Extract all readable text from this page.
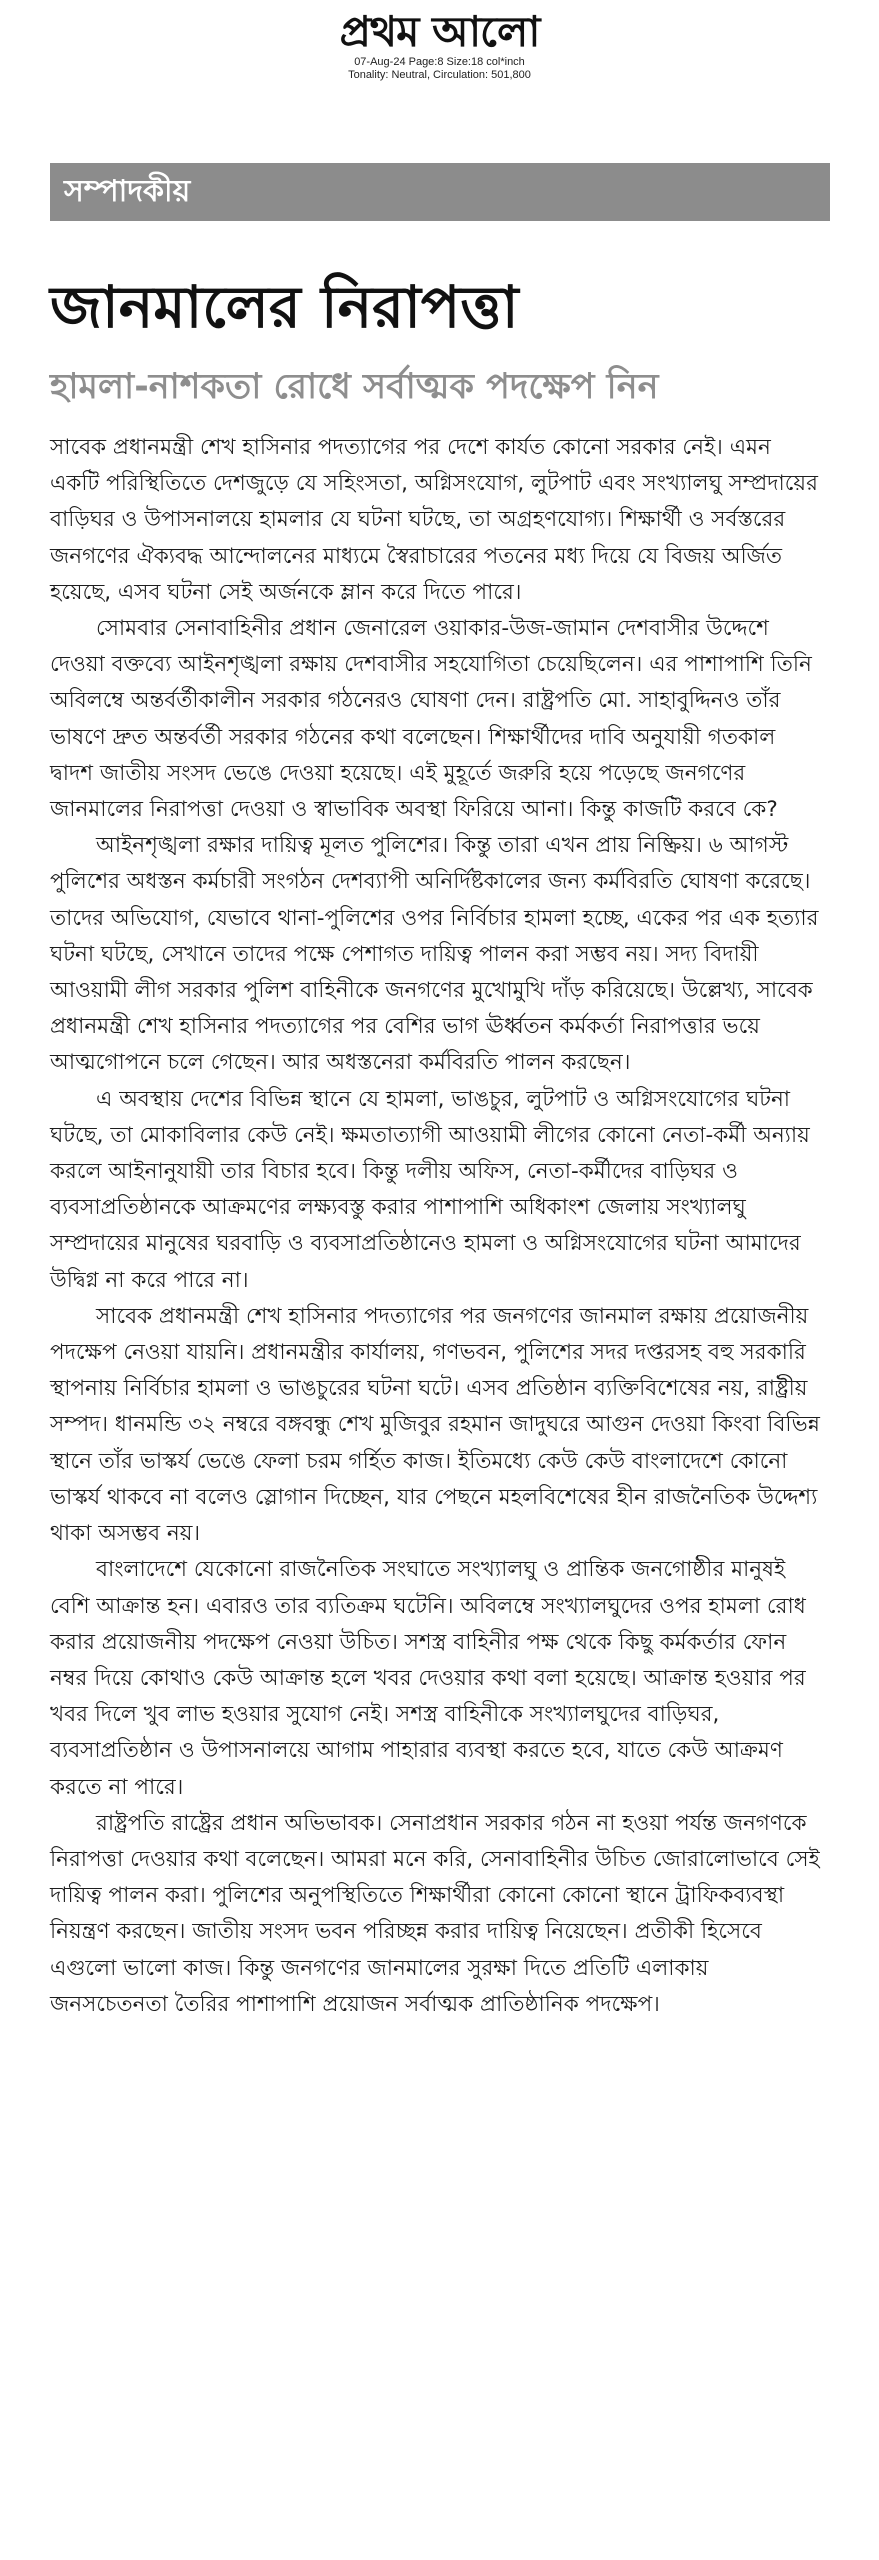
প্রথম আলো
07-Aug-24 Page:8 Size:18 col*inch
Tonality: Neutral, Circulation: 501,800
সম্পাদকীয়
জানমালের নিরাপত্তা
হামলা-নাশকতা রোধে সর্বাত্মক পদক্ষেপ নিন

সাবেক প্রধানমন্ত্রী শেখ হাসিনার পদত্যাগের পর দেশে কার্যত কোনো সরকার নেই। এমন একটি পরিস্থিতিতে দেশজুড়ে যে সহিংসতা, অগ্নিসংযোগ, লুটপাট এবং সংখ্যালঘু সম্প্রদায়ের বাড়িঘর ও উপাসনালয়ে হামলার যে ঘটনা ঘটছে, তা অগ্রহণযোগ্য। শিক্ষার্থী ও সর্বস্তরের জনগণের ঐক্যবদ্ধ আন্দোলনের মাধ্যমে স্বৈরাচারের পতনের মধ্য দিয়ে যে বিজয় অর্জিত হয়েছে, এসব ঘটনা সেই অর্জনকে ম্লান করে দিতে পারে।

সোমবার সেনাবাহিনীর প্রধান জেনারেল ওয়াকার-উজ-জামান দেশবাসীর উদ্দেশে দেওয়া বক্তব্যে আইনশৃঙ্খলা রক্ষায় দেশবাসীর সহযোগিতা চেয়েছিলেন। এর পাশাপাশি তিনি অবিলম্বে অন্তর্বর্তীকালীন সরকার গঠনেরও ঘোষণা দেন। রাষ্ট্রপতি মো. সাহাবুদ্দিনও তাঁর ভাষণে দ্রুত অন্তর্বর্তী সরকার গঠনের কথা বলেছেন। শিক্ষার্থীদের দাবি অনুযায়ী গতকাল দ্বাদশ জাতীয় সংসদ ভেঙে দেওয়া হয়েছে। এই মুহূর্তে জরুরি হয়ে পড়েছে জনগণের জানমালের নিরাপত্তা দেওয়া ও স্বাভাবিক অবস্থা ফিরিয়ে আনা। কিন্তু কাজটি করবে কে?

আইনশৃঙ্খলা রক্ষার দায়িত্ব মূলত পুলিশের। কিন্তু তারা এখন প্রায় নিষ্ক্রিয়। ৬ আগস্ট পুলিশের অধস্তন কর্মচারী সংগঠন দেশব্যাপী অনির্দিষ্টকালের জন্য কর্মবিরতি ঘোষণা করেছে। তাদের অভিযোগ, যেভাবে থানা-পুলিশের ওপর নির্বিচার হামলা হচ্ছে, একের পর এক হত্যার ঘটনা ঘটছে, সেখানে তাদের পক্ষে পেশাগত দায়িত্ব পালন করা সম্ভব নয়। সদ্য বিদায়ী আওয়ামী লীগ সরকার পুলিশ বাহিনীকে জনগণের মুখোমুখি দাঁড় করিয়েছে। উল্লেখ্য, সাবেক প্রধানমন্ত্রী শেখ হাসিনার পদত্যাগের পর বেশির ভাগ ঊর্ধ্বতন কর্মকর্তা নিরাপত্তার ভয়ে আত্মগোপনে চলে গেছেন। আর অধস্তনেরা কর্মবিরতি পালন করছেন।

এ অবস্থায় দেশের বিভিন্ন স্থানে যে হামলা, ভাঙচুর, লুটপাট ও অগ্নিসংযোগের ঘটনা ঘটছে, তা মোকাবিলার কেউ নেই। ক্ষমতাত্যাগী আওয়ামী লীগের কোনো নেতা-কর্মী অন্যায় করলে আইনানুযায়ী তার বিচার হবে। কিন্তু দলীয় অফিস, নেতা-কর্মীদের বাড়িঘর ও ব্যবসাপ্রতিষ্ঠানকে আক্রমণের লক্ষ্যবস্তু করার পাশাপাশি অধিকাংশ জেলায় সংখ্যালঘু সম্প্রদায়ের মানুষের ঘরবাড়ি ও ব্যবসাপ্রতিষ্ঠানেও হামলা ও অগ্নিসংযোগের ঘটনা আমাদের উদ্বিগ্ন না করে পারে না।

সাবেক প্রধানমন্ত্রী শেখ হাসিনার পদত্যাগের পর জনগণের জানমাল রক্ষায় প্রয়োজনীয় পদক্ষেপ নেওয়া যায়নি। প্রধানমন্ত্রীর কার্যালয়, গণভবন, পুলিশের সদর দপ্তরসহ বহু সরকারি স্থাপনায় নির্বিচার হামলা ও ভাঙচুরের ঘটনা ঘটে। এসব প্রতিষ্ঠান ব্যক্তিবিশেষের নয়, রাষ্ট্রীয় সম্পদ। ধানমন্ডি ৩২ নম্বরে বঙ্গবন্ধু শেখ মুজিবুর রহমান জাদুঘরে আগুন দেওয়া কিংবা বিভিন্ন স্থানে তাঁর ভাস্কর্য ভেঙে ফেলা চরম গর্হিত কাজ। ইতিমধ্যে কেউ কেউ বাংলাদেশে কোনো ভাস্কর্য থাকবে না বলেও স্লোগান দিচ্ছেন, যার পেছনে মহলবিশেষের হীন রাজনৈতিক উদ্দেশ্য থাকা অসম্ভব নয়।

বাংলাদেশে যেকোনো রাজনৈতিক সংঘাতে সংখ্যালঘু ও প্রান্তিক জনগোষ্ঠীর মানুষই বেশি আক্রান্ত হন। এবারও তার ব্যতিক্রম ঘটেনি। অবিলম্বে সংখ্যালঘুদের ওপর হামলা রোধ করার প্রয়োজনীয় পদক্ষেপ নেওয়া উচিত। সশস্ত্র বাহিনীর পক্ষ থেকে কিছু কর্মকর্তার ফোন নম্বর দিয়ে কোথাও কেউ আক্রান্ত হলে খবর দেওয়ার কথা বলা হয়েছে। আক্রান্ত হওয়ার পর খবর দিলে খুব লাভ হওয়ার সুযোগ নেই। সশস্ত্র বাহিনীকে সংখ্যালঘুদের বাড়িঘর, ব্যবসাপ্রতিষ্ঠান ও উপাসনালয়ে আগাম পাহারার ব্যবস্থা করতে হবে, যাতে কেউ আক্রমণ করতে না পারে।

রাষ্ট্রপতি রাষ্ট্রের প্রধান অভিভাবক। সেনাপ্রধান সরকার গঠন না হওয়া পর্যন্ত জনগণকে নিরাপত্তা দেওয়ার কথা বলেছেন। আমরা মনে করি, সেনাবাহিনীর উচিত জোরালোভাবে সেই দায়িত্ব পালন করা। পুলিশের অনুপস্থিতিতে শিক্ষার্থীরা কোনো কোনো স্থানে ট্রাফিকব্যবস্থা নিয়ন্ত্রণ করছেন। জাতীয় সংসদ ভবন পরিচ্ছন্ন করার দায়িত্ব নিয়েছেন। প্রতীকী হিসেবে এগুলো ভালো কাজ। কিন্তু জনগণের জানমালের সুরক্ষা দিতে প্রতিটি এলাকায় জনসচেতনতা তৈরির পাশাপাশি প্রয়োজন সর্বাত্মক প্রাতিষ্ঠানিক পদক্ষেপ।
